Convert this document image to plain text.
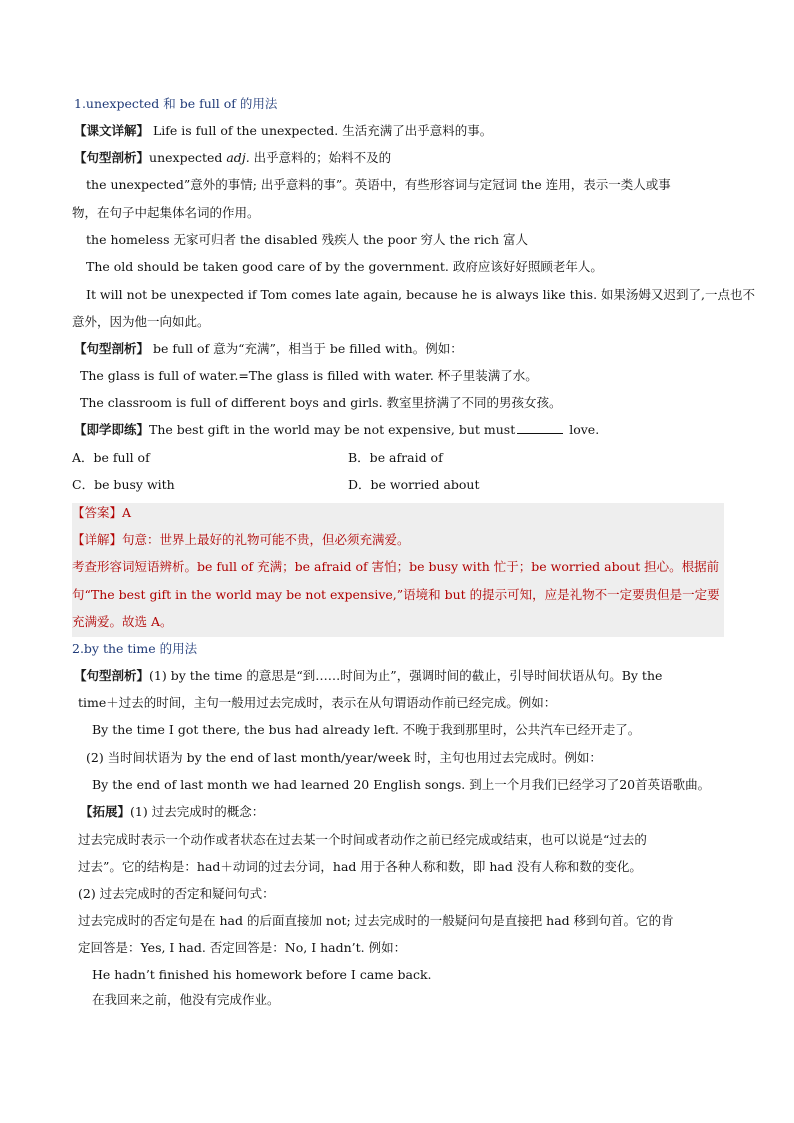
1.unexpected 和 be full of 的用法
【课文详解】 Life is full of the unexpected. 生活充满了出乎意料的事。
【句型剖析】unexpected adj. 出乎意料的；始料不及的
the unexpected”意外的事情; 出乎意料的事”。英语中，有些形容词与定冠词 the 连用，表示一类人或事
物，在句子中起集体名词的作用。
the homeless 无家可归者 the disabled 残疾人 the poor 穷人 the rich 富人
The old should be taken good care of by the government. 政府应该好好照顾老年人。
It will not be unexpected if Tom comes late again, because he is always like this. 如果汤姆又迟到了,一点也不
意外，因为他一向如此。
【句型剖析】 be full of 意为“充满”，相当于 be filled with。例如：
The glass is full of water.=The glass is filled with water. 杯子里装满了水。
The classroom is full of different boys and girls. 教室里挤满了不同的男孩女孩。
【即学即练】The best gift in the world may be not expensive, but must	love.
A．be full of	B．be afraid of
C．be busy with	D．be worried about
【答案】A
【详解】句意：世界上最好的礼物可能不贵，但必须充满爱。
考查形容词短语辨析。be full of 充满；be afraid of 害怕；be busy with 忙于；be worried about 担心。根据前
句“The best gift in the world may be not expensive,”语境和 but 的提示可知，应是礼物不一定要贵但是一定要
充满爱。故选 A。
2.by the time 的用法
【句型剖析】(1) by the time 的意思是“到……时间为止”，强调时间的截止，引导时间状语从句。By the
time＋过去的时间，主句一般用过去完成时，表示在从句谓语动作前已经完成。例如：
By the time I got there, the bus had already left. 不晚于我到那里时，公共汽车已经开走了。
(2) 当时间状语为 by the end of last month/year/week 时，主句也用过去完成时。例如：
By the end of last month we had learned 20 English songs. 到上一个月我们已经学习了20首英语歌曲。
【拓展】(1) 过去完成时的概念：
过去完成时表示一个动作或者状态在过去某一个时间或者动作之前已经完成或结束，也可以说是“过去的
过去”。它的结构是：had＋动词的过去分词，had 用于各种人称和数，即 had 没有人称和数的变化。
(2) 过去完成时的否定和疑问句式：
过去完成时的否定句是在 had 的后面直接加 not; 过去完成时的一般疑问句是直接把 had 移到句首。它的肯
定回答是：Yes, I had. 否定回答是：No, I hadn’t. 例如：
He hadn’t finished his homework before I came back.
在我回来之前，他没有完成作业。
